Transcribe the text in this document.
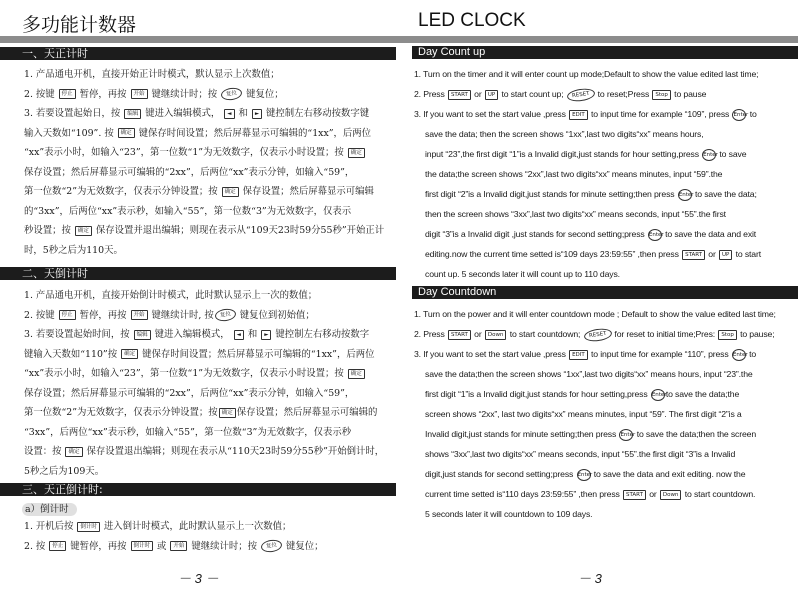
多功能计数器
一、天正计时
1. 产品通电开机，直接开始正计时模式，默认显示上次数值；
2. 按键 停止 暂停，再按 开始 键继续计时；按 复位 键复位；
3. 若要设置起始日，按 编辑 键进入编辑模式， ◄ 和 ► 键控制左右移动按数字键
输入天数如“109”. 按 确定 键保存时间设置；然后屏幕显示可编辑的“1xx”，后两位
“xx”表示小时，如输入“23”，第一位数“1”为无效数字，仅表示小时设置；按 确定
保存设置；然后屏幕显示可编辑的“2xx”，后两位“xx”表示分钟，如输入“59”，
第一位数“2”为无效数字，仅表示分钟设置；按 确定 保存设置；然后屏幕显示可编辑
的“3xx”，后两位“xx”表示秒，如输入“55”，第一位数“3”为无效数字，仅表示
秒设置；按 确定 保存设置并退出编辑；则现在表示从“109天23时59分55秒”开始正计
时，5秒之后为110天。
二、天倒计时
1. 产品通电开机，直接开始倒计时模式，此时默认显示上一次的数值；
2. 按键 停止 暂停，再按 开始 键继续计时, 按 复位 键复位到初始值；
3. 若要设置起始时间，按 编辑 键进入编辑模式， ◄ 和 ► 键控制左右移动按数字
键输入天数如“110”按 确定 键保存时间设置；然后屏幕显示可编辑的“1xx”，后两位
“xx”表示小时，如输入“23”，第一位数“1”为无效数字，仅表示小时设置；按 确定
保存设置；然后屏幕显示可编辑的“2xx”，后两位“xx”表示分钟，如输入“59”，
第一位数“2”为无效数字，仅表示分钟设置；按 确定 保存设置；然后屏幕显示可编辑的
“3xx”，后两位“xx”表示秒，如输入“55”，第一位数“3”为无效数字，仅表示秒
设置：按 确定 保存设置退出编辑；则现在表示从“110天23时59分55秒”开始倒计时，
5秒之后为109天。
三、天正倒计时:
a）倒计时
1. 开机后按 倒计时 进入倒计时模式，此时默认显示上一次数值；
2. 按 停止 键暂停，再按 倒计时 或 开始 键继续计时；按 复位 键复位；
－ 3 －
LED CLOCK
Day Count up
1. Turn on the timer and it will enter count up mode;Default to show the value edited last time;
2. Press START or UP to start count up; RESET to reset;Press Stop to pause
3. If you want to set the start value ,press EDIT to input time for example “109”, press Enter to
save the data; then the screen shows “1xx”,last two digits“xx” means hours,
input “23”,the first digit “1”is a Invalid digit,just stands for hour setting,press Enter to save
the data;the screen shows “2xx”,last two digits“xx” means minutes, input “59”.the
first digit “2”is a Invalid digit,just stands for minute setting;then press Enter to save the data;
then the screen shows “3xx”,last two digits“xx” means seconds, input “55”.the first
digit “3”is a Invalid digit ,just stands for second setting;press Enter to save the data and exit
editing.now the current time setted is“109 days 23:59:55” ,then press START or UP to start
count up. 5 seconds later it will count up to 110 days.
Day Countdown
1. Turn on the power and it will enter countdown mode ; Default to show the value edited last time;
2. Press START or Down to start countdown; RESET for reset to initial time;Pres: Stop to pause;
3. If you want to set the start value ,press EDIT to input time for example “110”, press Enter to
save the data;then the screen shows “1xx”,last two digits“xx” means hours, input “23”.the
first digit “1”is a Invalid digit,just stands for hour setting,press Enterto save the data;the
screen shows “2xx”, last two digits“xx” means minutes, input “59”. The first digit “2”is a
Invalid digit,just stands for minute setting;then press Enter to save the data;then the screen
shows “3xx”,last two digits“xx” means seconds, input “55”.the first digit “3”is a Invalid
digit,just stands for second setting;press Enter to save the data and exit editing. now the
current time setted is“110 days 23:59:55” ,then press START or Down to start countdown.
5 seconds later it will countdown to 109 days.
－ 3
